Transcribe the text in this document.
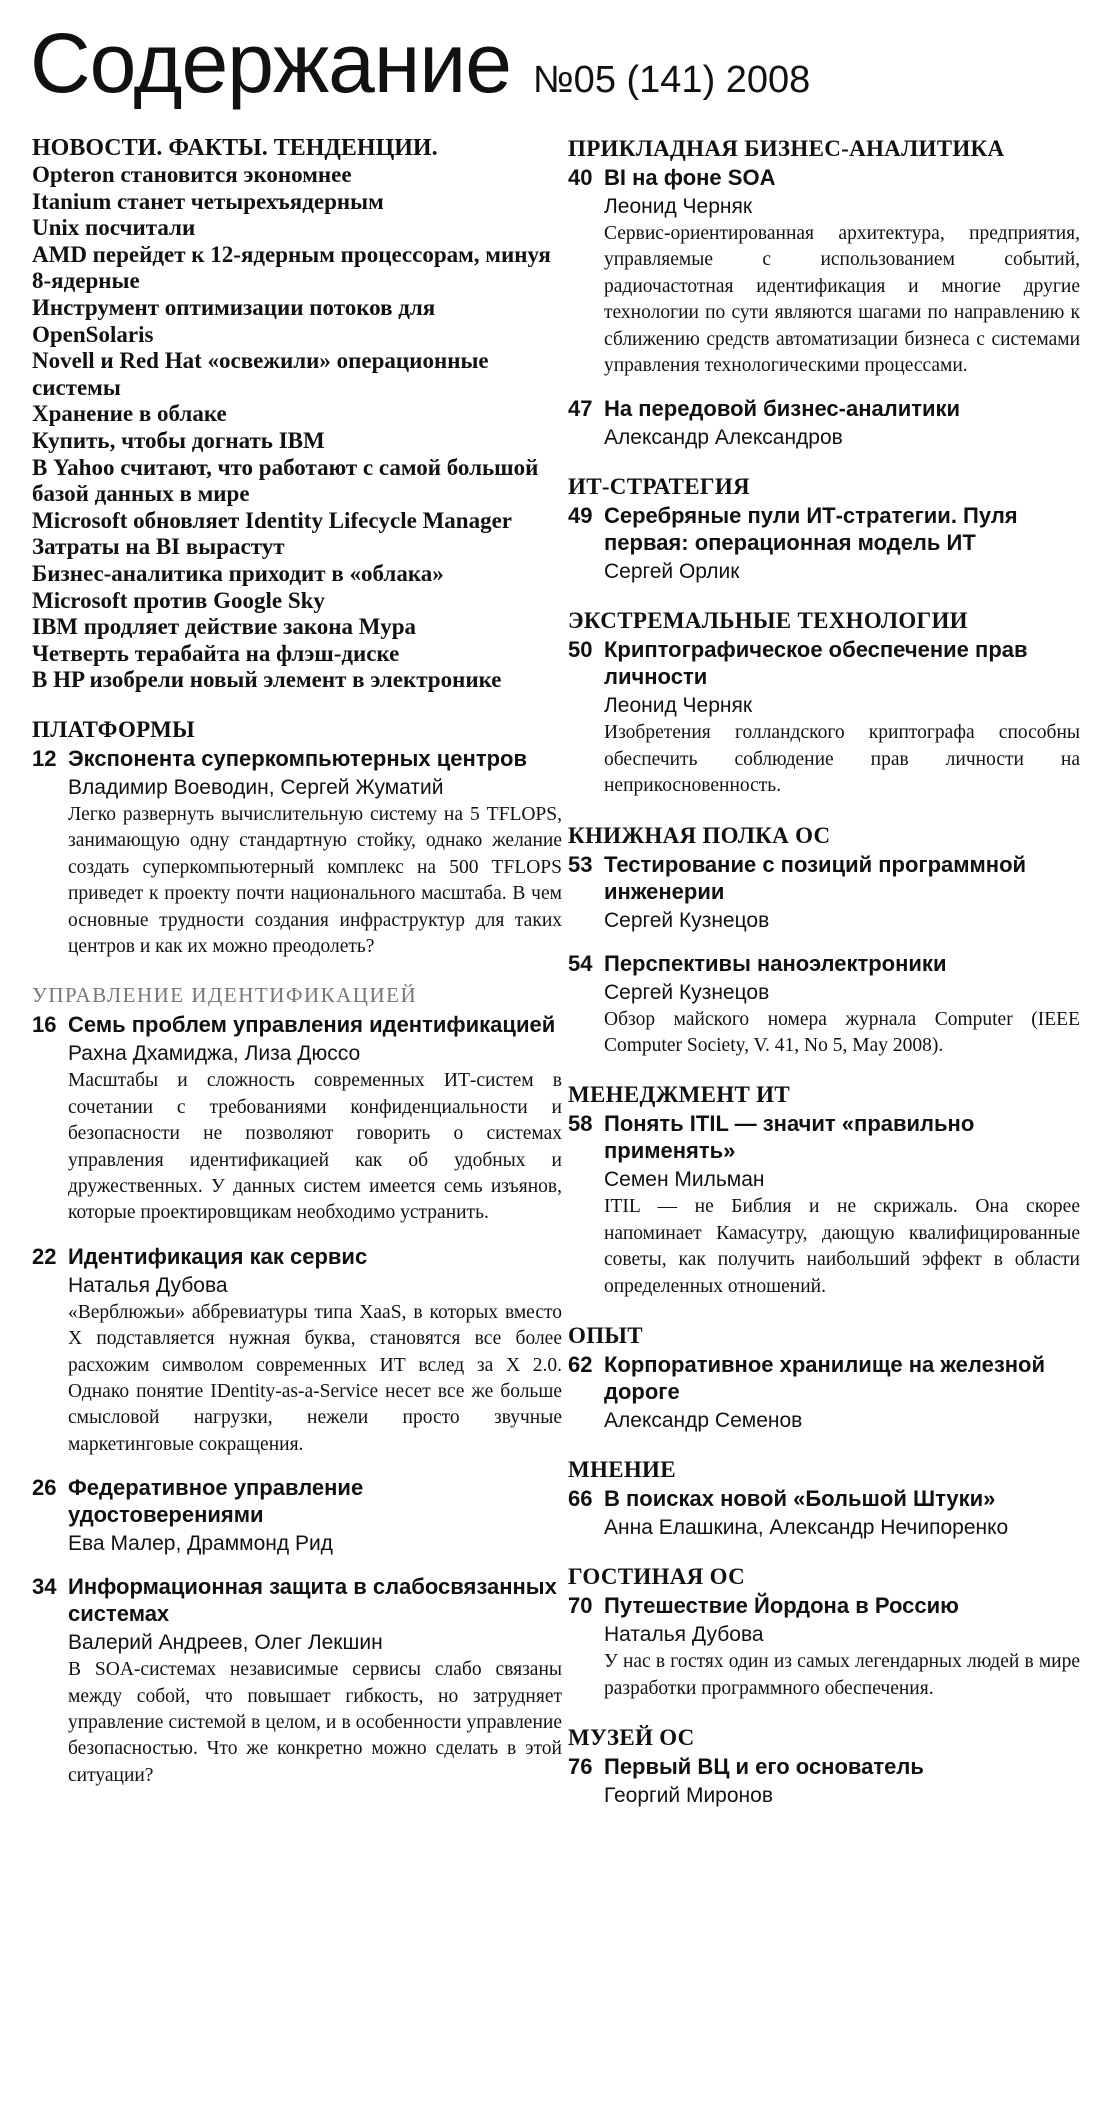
Содержание №05 (141) 2008
НОВОСТИ. ФАКТЫ. ТЕНДЕНЦИИ.
Opteron становится экономнее
Itanium станет четырехъядерным
Unix посчитали
AMD перейдет к 12-ядерным процессорам, минуя 8-ядерные
Инструмент оптимизации потоков для OpenSolaris
Novell и Red Hat «освежили» операционные системы
Хранение в облаке
Купить, чтобы догнать IBM
В Yahoo считают, что работают с самой большой базой данных в мире
Microsoft обновляет Identity Lifecycle Manager
Затраты на BI вырастут
Бизнес-аналитика приходит в «облака»
Microsoft против Google Sky
IBM продляет действие закона Мура
Четверть терабайта на флэш-диске
В HP изобрели новый элемент в электронике
ПЛАТФОРМЫ
12 Экспонента суперкомпьютерных центров
Владимир Воеводин, Сергей Жуматий
Легко развернуть вычислительную систему на 5 TFLOPS, занимающую одну стандартную стойку, однако желание создать суперкомпьютерный комплекс на 500 TFLOPS приведет к проекту почти национального масштаба. В чем основные трудности создания инфраструктур для таких центров и как их можно преодолеть?
УПРАВЛЕНИЕ ИДЕНТИФИКАЦИЕЙ
16 Семь проблем управления идентификацией
Рахна Дхамиджа, Лиза Дюссо
Масштабы и сложность современных ИТ-систем в сочетании с требованиями конфиденциальности и безопасности не позволяют говорить о системах управления идентификацией как об удобных и дружественных. У данных систем имеется семь изъянов, которые проектировщикам необходимо устранить.
22 Идентификация как сервис
Наталья Дубова
«Верблюжьи» аббревиатуры типа XaaS, в которых вместо X подставляется нужная буква, становятся все более расхожим символом современных ИТ вслед за X 2.0. Однако понятие IDentity-as-a-Service несет все же больше смысловой нагрузки, нежели просто звучные маркетинговые сокращения.
26 Федеративное управление удостоверениями
Ева Малер, Драммонд Рид
34 Информационная защита в слабосвязанных системах
Валерий Андреев, Олег Лекшин
В SOA-системах независимые сервисы слабо связаны между собой, что повышает гибкость, но затрудняет управление системой в целом, и в особенности управление безопасностью. Что же конкретно можно сделать в этой ситуации?
ПРИКЛАДНАЯ БИЗНЕС-АНАЛИТИКА
40 BI на фоне SOA
Леонид Черняк
Сервис-ориентированная архитектура, предприятия, управляемые с использованием событий, радиочастотная идентификация и многие другие технологии по сути являются шагами по направлению к сближению средств автоматизации бизнеса с системами управления технологическими процессами.
47 На передовой бизнес-аналитики
Александр Александров
ИТ-СТРАТЕГИЯ
49 Серебряные пули ИТ-стратегии. Пуля первая: операционная модель ИТ
Сергей Орлик
ЭКСТРЕМАЛЬНЫЕ ТЕХНОЛОГИИ
50 Криптографическое обеспечение прав личности
Леонид Черняк
Изобретения голландского криптографа способны обеспечить соблюдение прав личности на неприкосновенность.
КНИЖНАЯ ПОЛКА ОС
53 Тестирование с позиций программной инженерии
Сергей Кузнецов
54 Перспективы наноэлектроники
Сергей Кузнецов
Обзор майского номера журнала Computer (IEEE Computer Society, V. 41, No 5, May 2008).
МЕНЕДЖМЕНТ ИТ
58 Понять ITIL — значит «правильно применять»
Семен Мильман
ITIL — не Библия и не скрижаль. Она скорее напоминает Камасутру, дающую квалифицированные советы, как получить наибольший эффект в области определенных отношений.
ОПЫТ
62 Корпоративное хранилище на железной дороге
Александр Семенов
МНЕНИЕ
66 В поисках новой «Большой Штуки»
Анна Елашкина, Александр Нечипоренко
ГОСТИНАЯ ОС
70 Путешествие Йордона в Россию
Наталья Дубова
У нас в гостях один из самых легендарных людей в мире разработки программного обеспечения.
МУЗЕЙ ОС
76 Первый ВЦ и его основатель
Георгий Миронов
